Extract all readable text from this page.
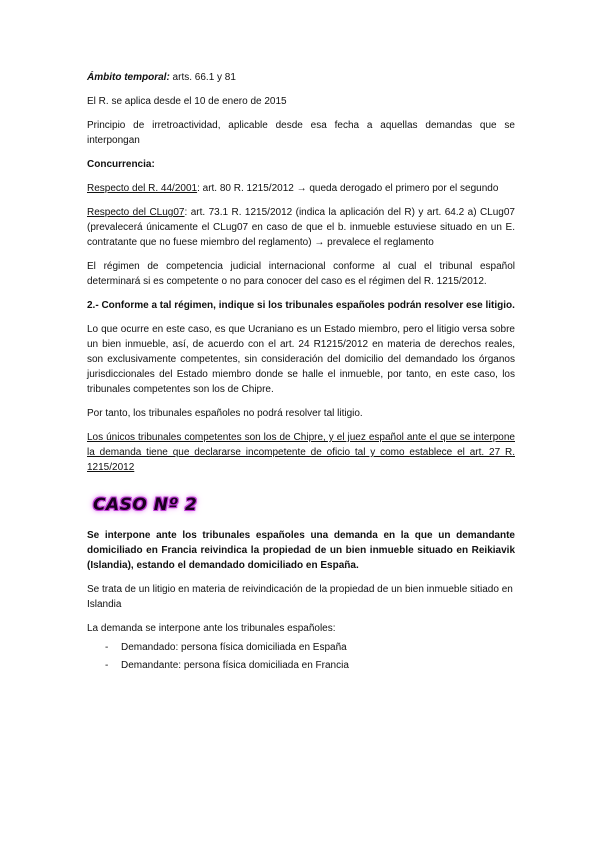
Ámbito temporal: arts. 66.1 y 81

El R. se aplica desde el 10 de enero de 2015

Principio de irretroactividad, aplicable desde esa fecha a aquellas demandas que se interpongan

Concurrencia:

Respecto del R. 44/2001: art. 80 R. 1215/2012 → queda derogado el primero por el segundo

Respecto del CLug07: art. 73.1 R. 1215/2012 (indica la aplicación del R) y art. 64.2 a) CLug07 (prevalecerá únicamente el CLug07 en caso de que el b. inmueble estuviese situado en un E. contratante que no fuese miembro del reglamento) → prevalece el reglamento

El régimen de competencia judicial internacional conforme al cual el tribunal español determinará si es competente o no para conocer del caso es el régimen del R. 1215/2012.

2.- Conforme a tal régimen, indique si los tribunales españoles podrán resolver ese litigio.

Lo que ocurre en este caso, es que Ucraniano es un Estado miembro, pero el litigio versa sobre un bien inmueble, así, de acuerdo con el art. 24 R1215/2012 en materia de derechos reales, son exclusivamente competentes, sin consideración del domicilio del demandado los órganos jurisdiccionales del Estado miembro donde se halle el inmueble, por tanto, en este caso, los tribunales competentes son los de Chipre.

Por tanto, los tribunales españoles no podrá resolver tal litigio.

Los únicos tribunales competentes son los de Chipre, y el juez español ante el que se interpone la demanda tiene que declararse incompetente de oficio tal y como establece el art. 27 R. 1215/2012

CASO Nº 2

Se interpone ante los tribunales españoles una demanda en la que un demandante domiciliado en Francia reivindica la propiedad de un bien inmueble situado en Reikiavik (Islandia), estando el demandado domiciliado en España.

Se trata de un litigio en materia de reivindicación de la propiedad de un bien inmueble sitiado en Islandia

La demanda se interpone ante los tribunales españoles:

- Demandado: persona física domiciliada en España
- Demandante: persona física domiciliada en Francia
